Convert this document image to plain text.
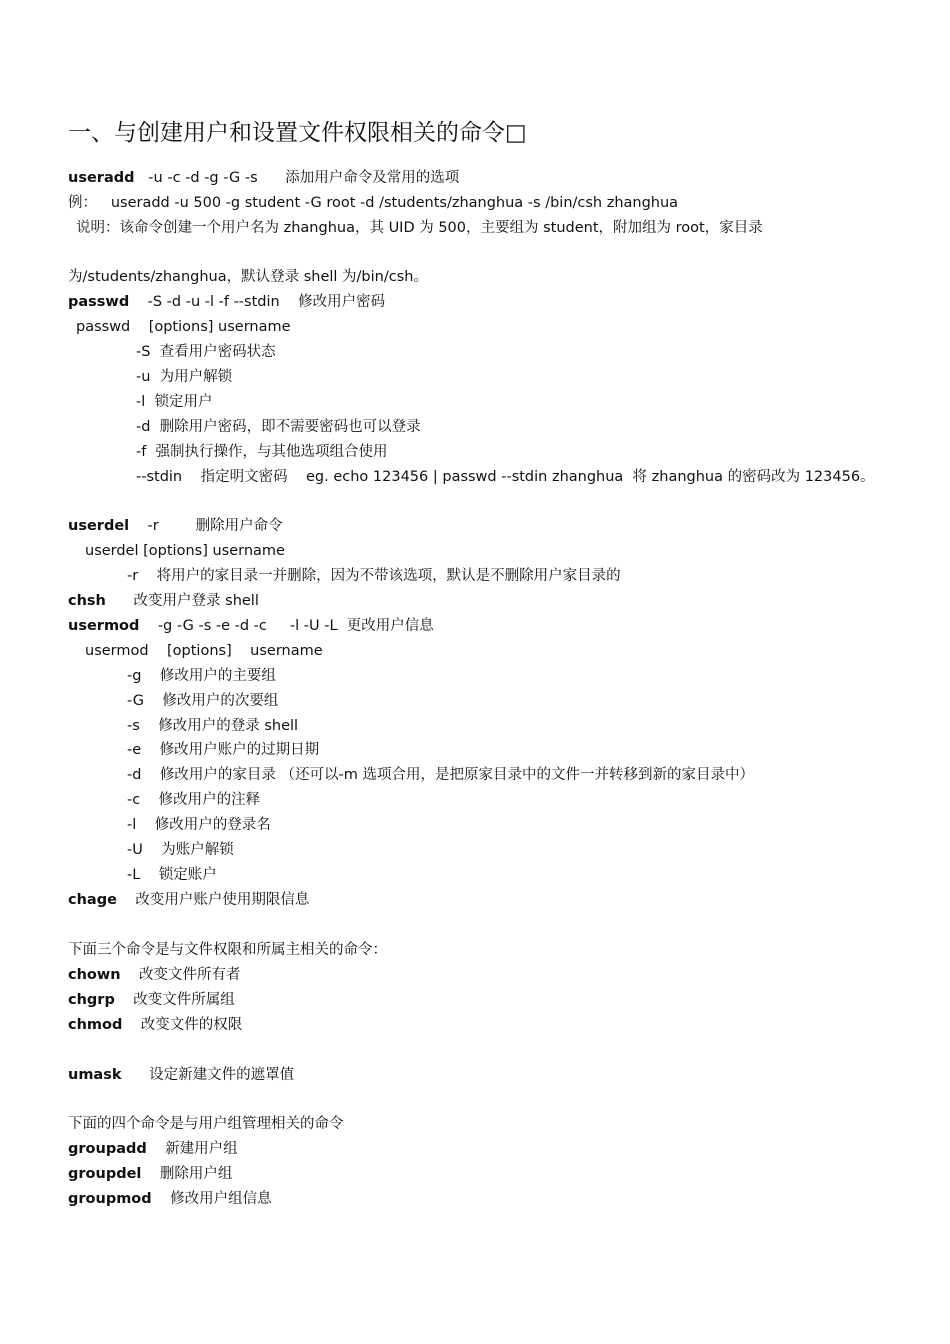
一、与创建用户和设置文件权限相关的命令□
useradd   -u -c -d -g -G -s      添加用户命令及常用的选项
例：   useradd -u 500 -g student -G root -d /students/zhanghua -s /bin/csh zhanghua
说明：该命令创建一个用户名为 zhanghua，其 UID 为 500，主要组为 student，附加组为 root，家目录
为/students/zhanghua，默认登录 shell 为/bin/csh。
passwd    -S -d -u -l -f --stdin    修改用户密码
passwd    [options] username
-S  查看用户密码状态
-u  为用户解锁
-l  锁定用户
-d  删除用户密码，即不需要密码也可以登录
-f  强制执行操作，与其他选项组合使用
--stdin    指定明文密码    eg. echo 123456 | passwd --stdin zhanghua  将 zhanghua 的密码改为 123456。
userdel    -r        删除用户命令
userdel [options] username
-r    将用户的家目录一并删除，因为不带该选项，默认是不删除用户家目录的
chsh      改变用户登录 shell
usermod    -g -G -s -e -d -c     -l -U -L  更改用户信息
usermod    [options]    username
-g    修改用户的主要组
-G    修改用户的次要组
-s    修改用户的登录 shell
-e    修改用户账户的过期日期
-d    修改用户的家目录 （还可以-m 选项合用，是把原家目录中的文件一并转移到新的家目录中）
-c    修改用户的注释
-l    修改用户的登录名
-U    为账户解锁
-L    锁定账户
chage    改变用户账户使用期限信息
下面三个命令是与文件权限和所属主相关的命令：
chown    改变文件所有者
chgrp    改变文件所属组
chmod    改变文件的权限
umask      设定新建文件的遮罩值
下面的四个命令是与用户组管理相关的命令
groupadd    新建用户组
groupdel    删除用户组
groupmod    修改用户组信息
